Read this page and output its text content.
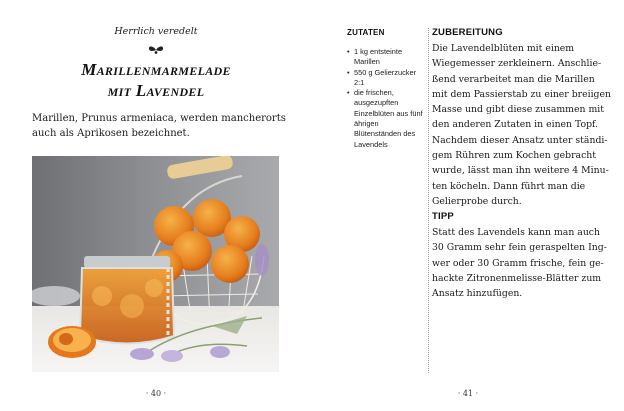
Herrlich veredelt
Marillenmarmelade
mit Lavendel
Marillen, Prunus armeniaca, werden mancherorts auch als Aprikosen bezeichnet.
· 40 ·
ZUTATEN
• 1 kg entsteinte Marillen
• 550 g Gelierzucker 2:1
• die frischen, ausgezupften Einzelblüten aus fünf ährigen Blütenständen des Lavendels
ZUBEREITUNG
Die Lavendelblüten mit einem
Wiegemesser zerkleinern. Anschlie-
ßend verarbeitet man die Marillen
mit dem Passierstab zu einer breiigen
Masse und gibt diese zusammen mit
den anderen Zutaten in einen Topf.
Nachdem dieser Ansatz unter ständi-
gem Rühren zum Kochen gebracht
wurde, lässt man ihn weitere 4 Minu-
ten köcheln. Dann führt man die
Gelierprobe durch.
TIPP
Statt des Lavendels kann man auch
30 Gramm sehr fein geraspelten Ing-
wer oder 30 Gramm frische, fein ge-
hackte Zitronenmelisse-Blätter zum
Ansatz hinzufügen.
· 41 ·
